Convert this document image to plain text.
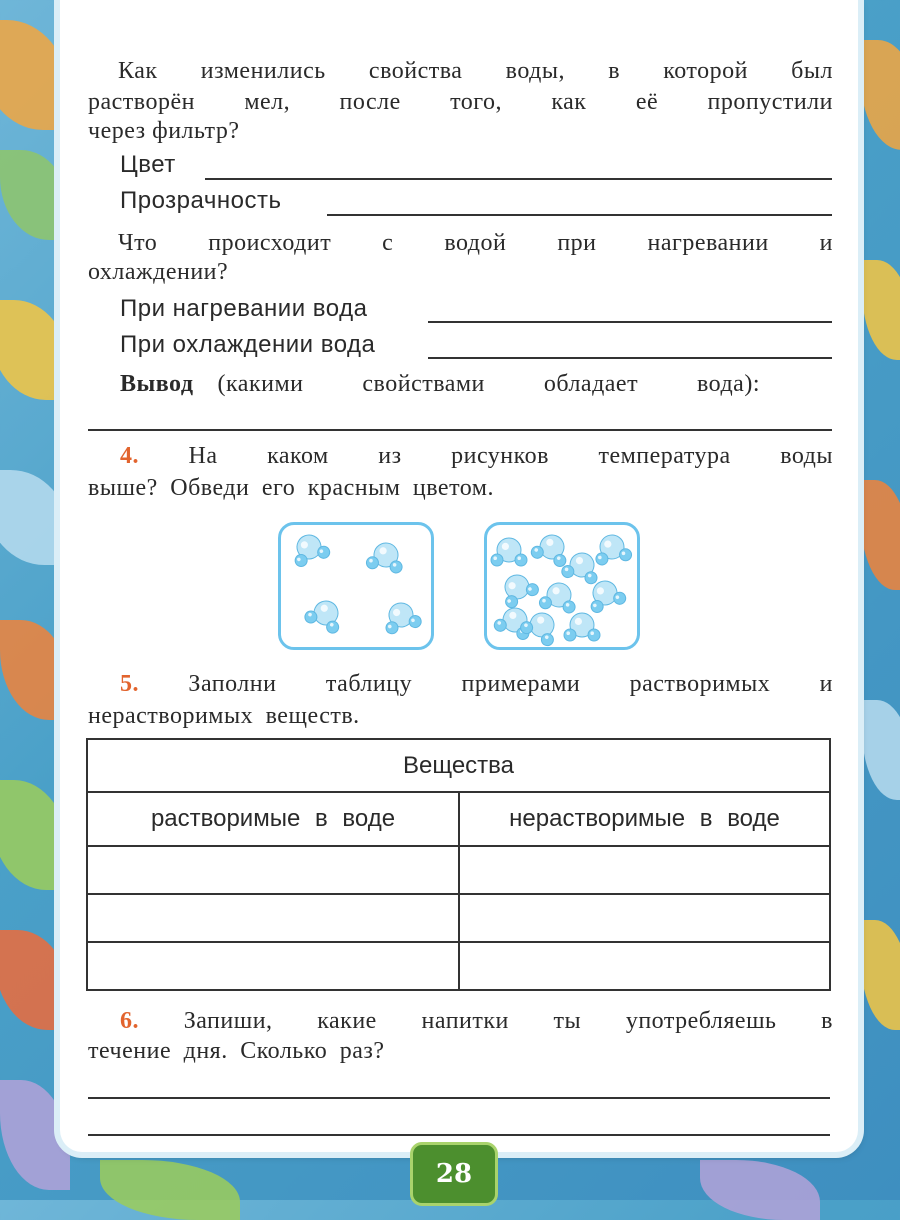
Как изменились свойства воды, в которой был
растворён мел, после того, как её пропустили
через фильтр?
Цвет
Прозрачность
Что происходит с водой при нагревании и
охлаждении?
При нагревании вода
При охлаждении вода
Вывод (какими свойствами обладает вода):
4. На каком из рисунков температура воды
выше? Обведи его красным цветом.
5. Заполни таблицу примерами растворимых и
нерастворимых веществ.
Вещества	
растворимые в воде	нерастворимые в воде

6. Запиши, какие напитки ты употребляешь в
течение дня. Сколько раз?
28
